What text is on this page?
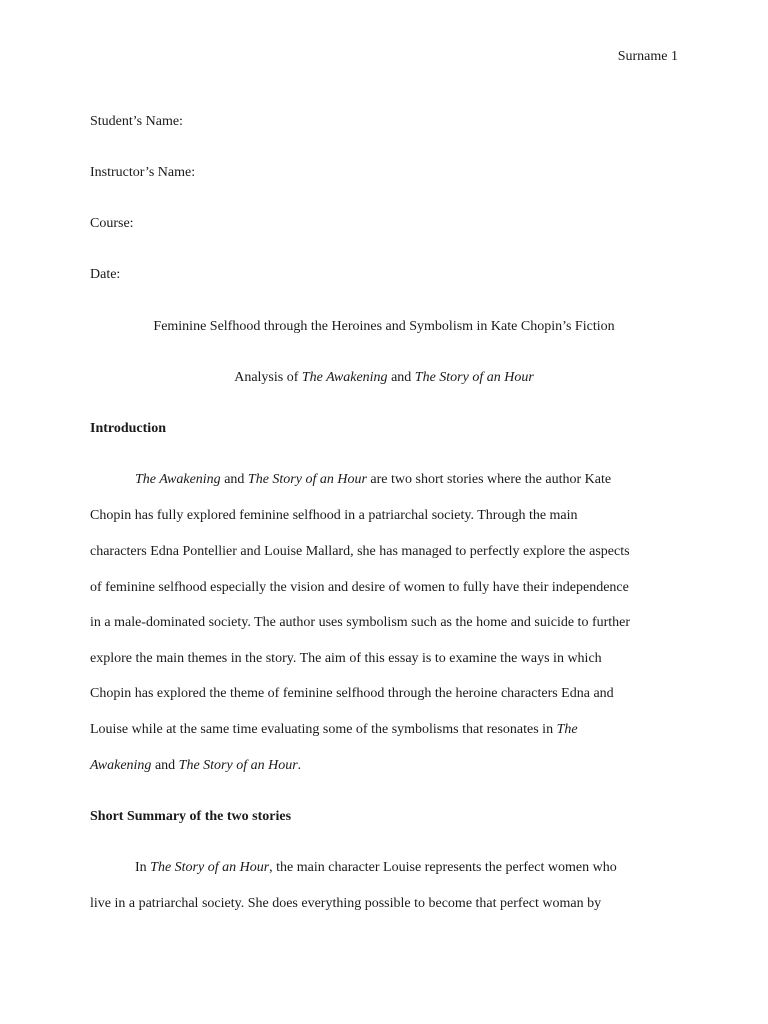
Surname 1
Student’s Name:
Instructor’s Name:
Course:
Date:
Feminine Selfhood through the Heroines and Symbolism in Kate Chopin’s Fiction
Analysis of The Awakening and The Story of an Hour
Introduction
The Awakening and The Story of an Hour are two short stories where the author Kate
Chopin has fully explored feminine selfhood in a patriarchal society. Through the main
characters Edna Pontellier and Louise Mallard, she has managed to perfectly explore the aspects
of feminine selfhood especially the vision and desire of women to fully have their independence
in a male-dominated society. The author uses symbolism such as the home and suicide to further
explore the main themes in the story. The aim of this essay is to examine the ways in which
Chopin has explored the theme of feminine selfhood through the heroine characters Edna and
Louise while at the same time evaluating some of the symbolisms that resonates in The
Awakening and The Story of an Hour.
Short Summary of the two stories
In The Story of an Hour, the main character Louise represents the perfect women who
live in a patriarchal society. She does everything possible to become that perfect woman by
